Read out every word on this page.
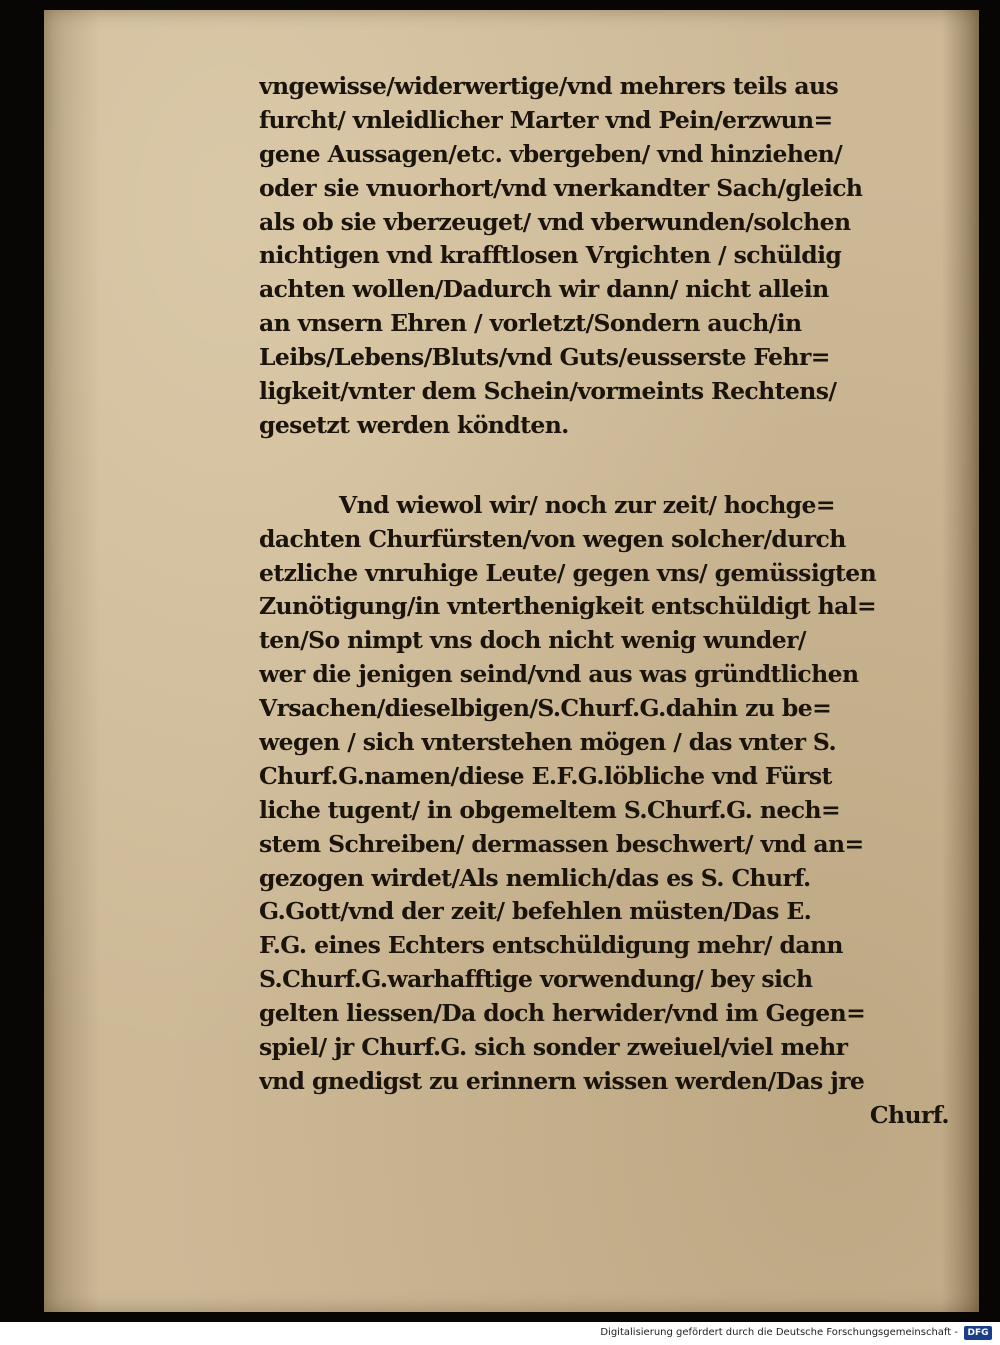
vngewisse/widerwertige/vnd mehrers teils aus
furcht/ vnleidlicher Marter vnd Pein/erzwun=
gene Aussagen/etc. vbergeben/ vnd hinziehen/
oder sie vnuorhort/vnd vnerkandter Sach/gleich
als ob sie vberzeuget/ vnd vberwunden/solchen
nichtigen vnd krafftlosen Vrgichten / schüldig
achten wollen/Dadurch wir dann/ nicht allein
an vnsern Ehren / vorletzt/Sondern auch/in
Leibs/Lebens/Bluts/vnd Guts/eusserste Fehr=
ligkeit/vnter dem Schein/vormeints Rechtens/
gesetzt werden köndten.
Vnd wiewol wir/ noch zur zeit/ hochge=
dachten Churfürsten/von wegen solcher/durch
etzliche vnruhige Leute/ gegen vns/ gemüssigten
Zunötigung/in vnterthenigkeit entschüldigt hal=
ten/So nimpt vns doch nicht wenig wunder/
wer die jenigen seind/vnd aus was gründtlichen
Vrsachen/dieselbigen/S.Churf.G.dahin zu be=
wegen / sich vnterstehen mögen / das vnter S.
Churf.G.namen/diese E.F.G.löbliche vnd Fürst
liche tugent/ in obgemeltem S.Churf.G. nech=
stem Schreiben/ dermassen beschwert/ vnd an=
gezogen wirdet/Als nemlich/das es S. Churf.
G.Gott/vnd der zeit/ befehlen müsten/Das E.
F.G. eines Echters entschüldigung mehr/ dann
S.Churf.G.warhafftige vorwendung/ bey sich
gelten liessen/Da doch herwider/vnd im Gegen=
spiel/ jr Churf.G. sich sonder zweiuel/viel mehr
vnd gnedigst zu erinnern wissen werden/Das jre
Churf.
Digitalisierung gefördert durch die Deutsche Forschungsgemeinschaft -	DFG
